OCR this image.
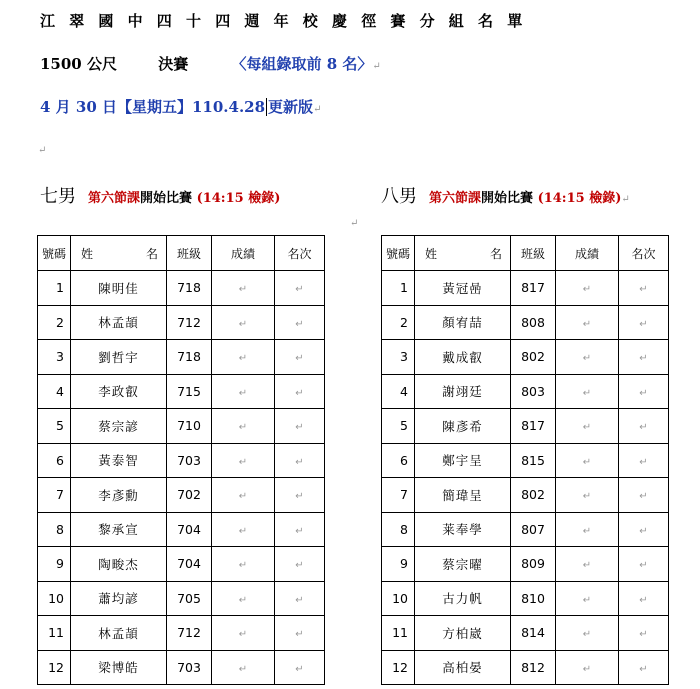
江翠國中四十四週年校慶徑賽分組名單
1500 公尺	決賽	〈每組錄取前 8 名〉↵
4 月 30 日【星期五】110.4.28 更新版↵
↵
七男 第六節課開始比賽 (14:15 檢錄)	八男 第六節課開始比賽 (14:15 檢錄)↵
↵
號碼	姓 名	班級	成績	名次
1	陳明佳	718	↵	↵
2	林孟頡	712	↵	↵
3	劉哲宇	718	↵	↵
4	李政叡	715	↵	↵
5	蔡宗諺	710	↵	↵
6	黃泰智	703	↵	↵
7	李彥勳	702	↵	↵
8	黎承宣	704	↵	↵
9	陶畯杰	704	↵	↵
10	蕭均諺	705	↵	↵
11	林孟頡	712	↵	↵
12	梁博皓	703	↵	↵
號碼	姓 名	班級	成績	名次
1	黃冠喦	817	↵	↵
2	顏宥喆	808	↵	↵
3	戴成叡	802	↵	↵
4	謝翊廷	803	↵	↵
5	陳彥希	817	↵	↵
6	鄭宇呈	815	↵	↵
7	簡瑋呈	802	↵	↵
8	莱奉學	807	↵	↵
9	蔡宗曜	809	↵	↵
10	古力帆	810	↵	↵
11	方柏崴	814	↵	↵
12	高柏晏	812	↵	↵
